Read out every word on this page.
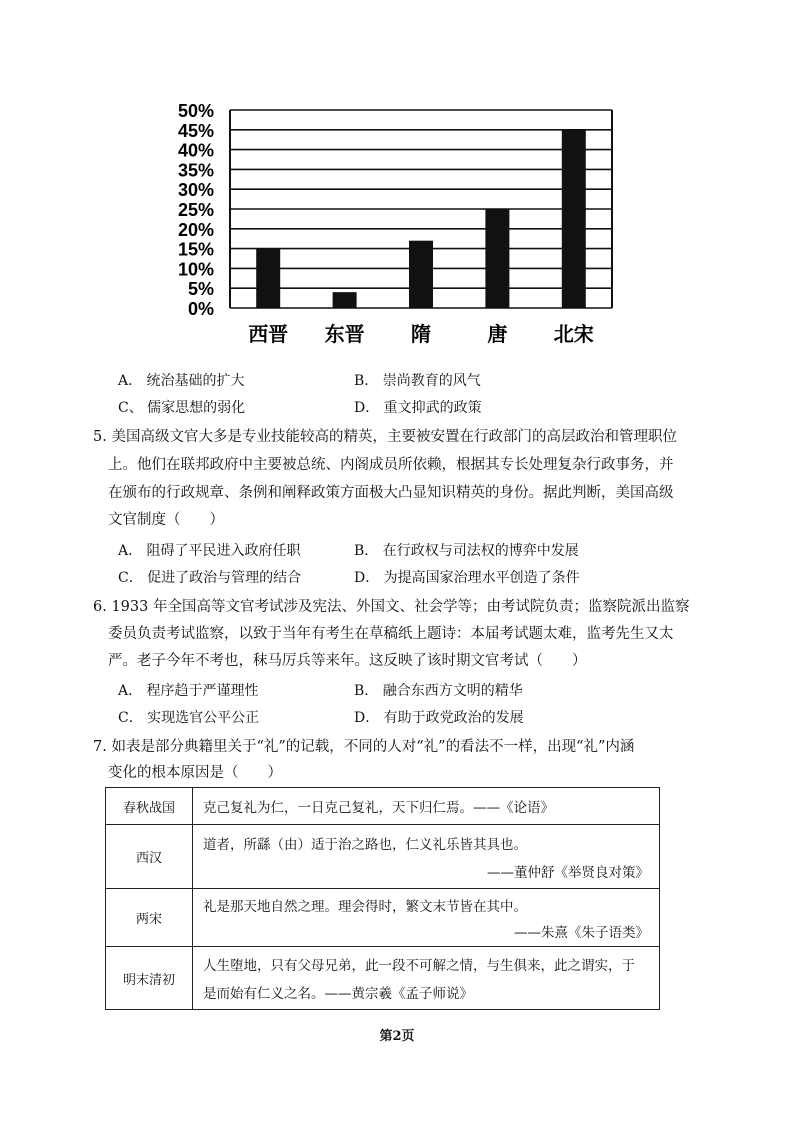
50%
45%
40%
35%
30%
25%
20%
15%
10%
5%
0%
西晋 东晋 隋	唐 北宋
A． 统治基础的扩大	B． 崇尚教育的风气
C、 儒家思想的弱化	D． 重文抑武的政策
5. 美国高级文官大多是专业技能较高的精英，主要被安置在行政部门的高层政治和管理职位
上。他们在联邦政府中主要被总统、内阁成员所依赖，根据其专长处理复杂行政事务，并
在颁布的行政规章、条例和阐释政策方面极大凸显知识精英的身份。据此判断，美国高级
文官制度（　　）
A． 阻碍了平民进入政府任职	B． 在行政权与司法权的博弈中发展
C． 促进了政治与管理的结合	D． 为提高国家治理水平创造了条件
6. 1933 年全国高等文官考试涉及宪法、外国文、社会学等；由考试院负责；监察院派出监察
委员负责考试监察，以致于当年有考生在草稿纸上题诗：本届考试题太难，监考先生又太
严。老子今年不考也，秣马厉兵等来年。这反映了该时期文官考试（　　）
A． 程序趋于严谨理性	B． 融合东西方文明的精华
C． 实现选官公平公正	D． 有助于政党政治的发展
7. 如表是部分典籍里关于“礼”的记载，不同的人对“礼”的看法不一样，出现“礼”内涵
变化的根本原因是（　　）
春秋战国	克己复礼为仁，一日克己复礼，天下归仁焉。——《论语》
西汉	道者，所繇（由）适于治之路也，仁义礼乐皆其具也。
——董仲舒《举贤良对策》

两宋	礼是那天地自然之理。理会得时，繁文末节皆在其中。
——朱熹《朱子语类》

明末清初	人生堕地，只有父母兄弟，此一段不可解之情，与生俱来，此之谓实，于
是而始有仁义之名。——黄宗羲《孟子师说》
第2页
